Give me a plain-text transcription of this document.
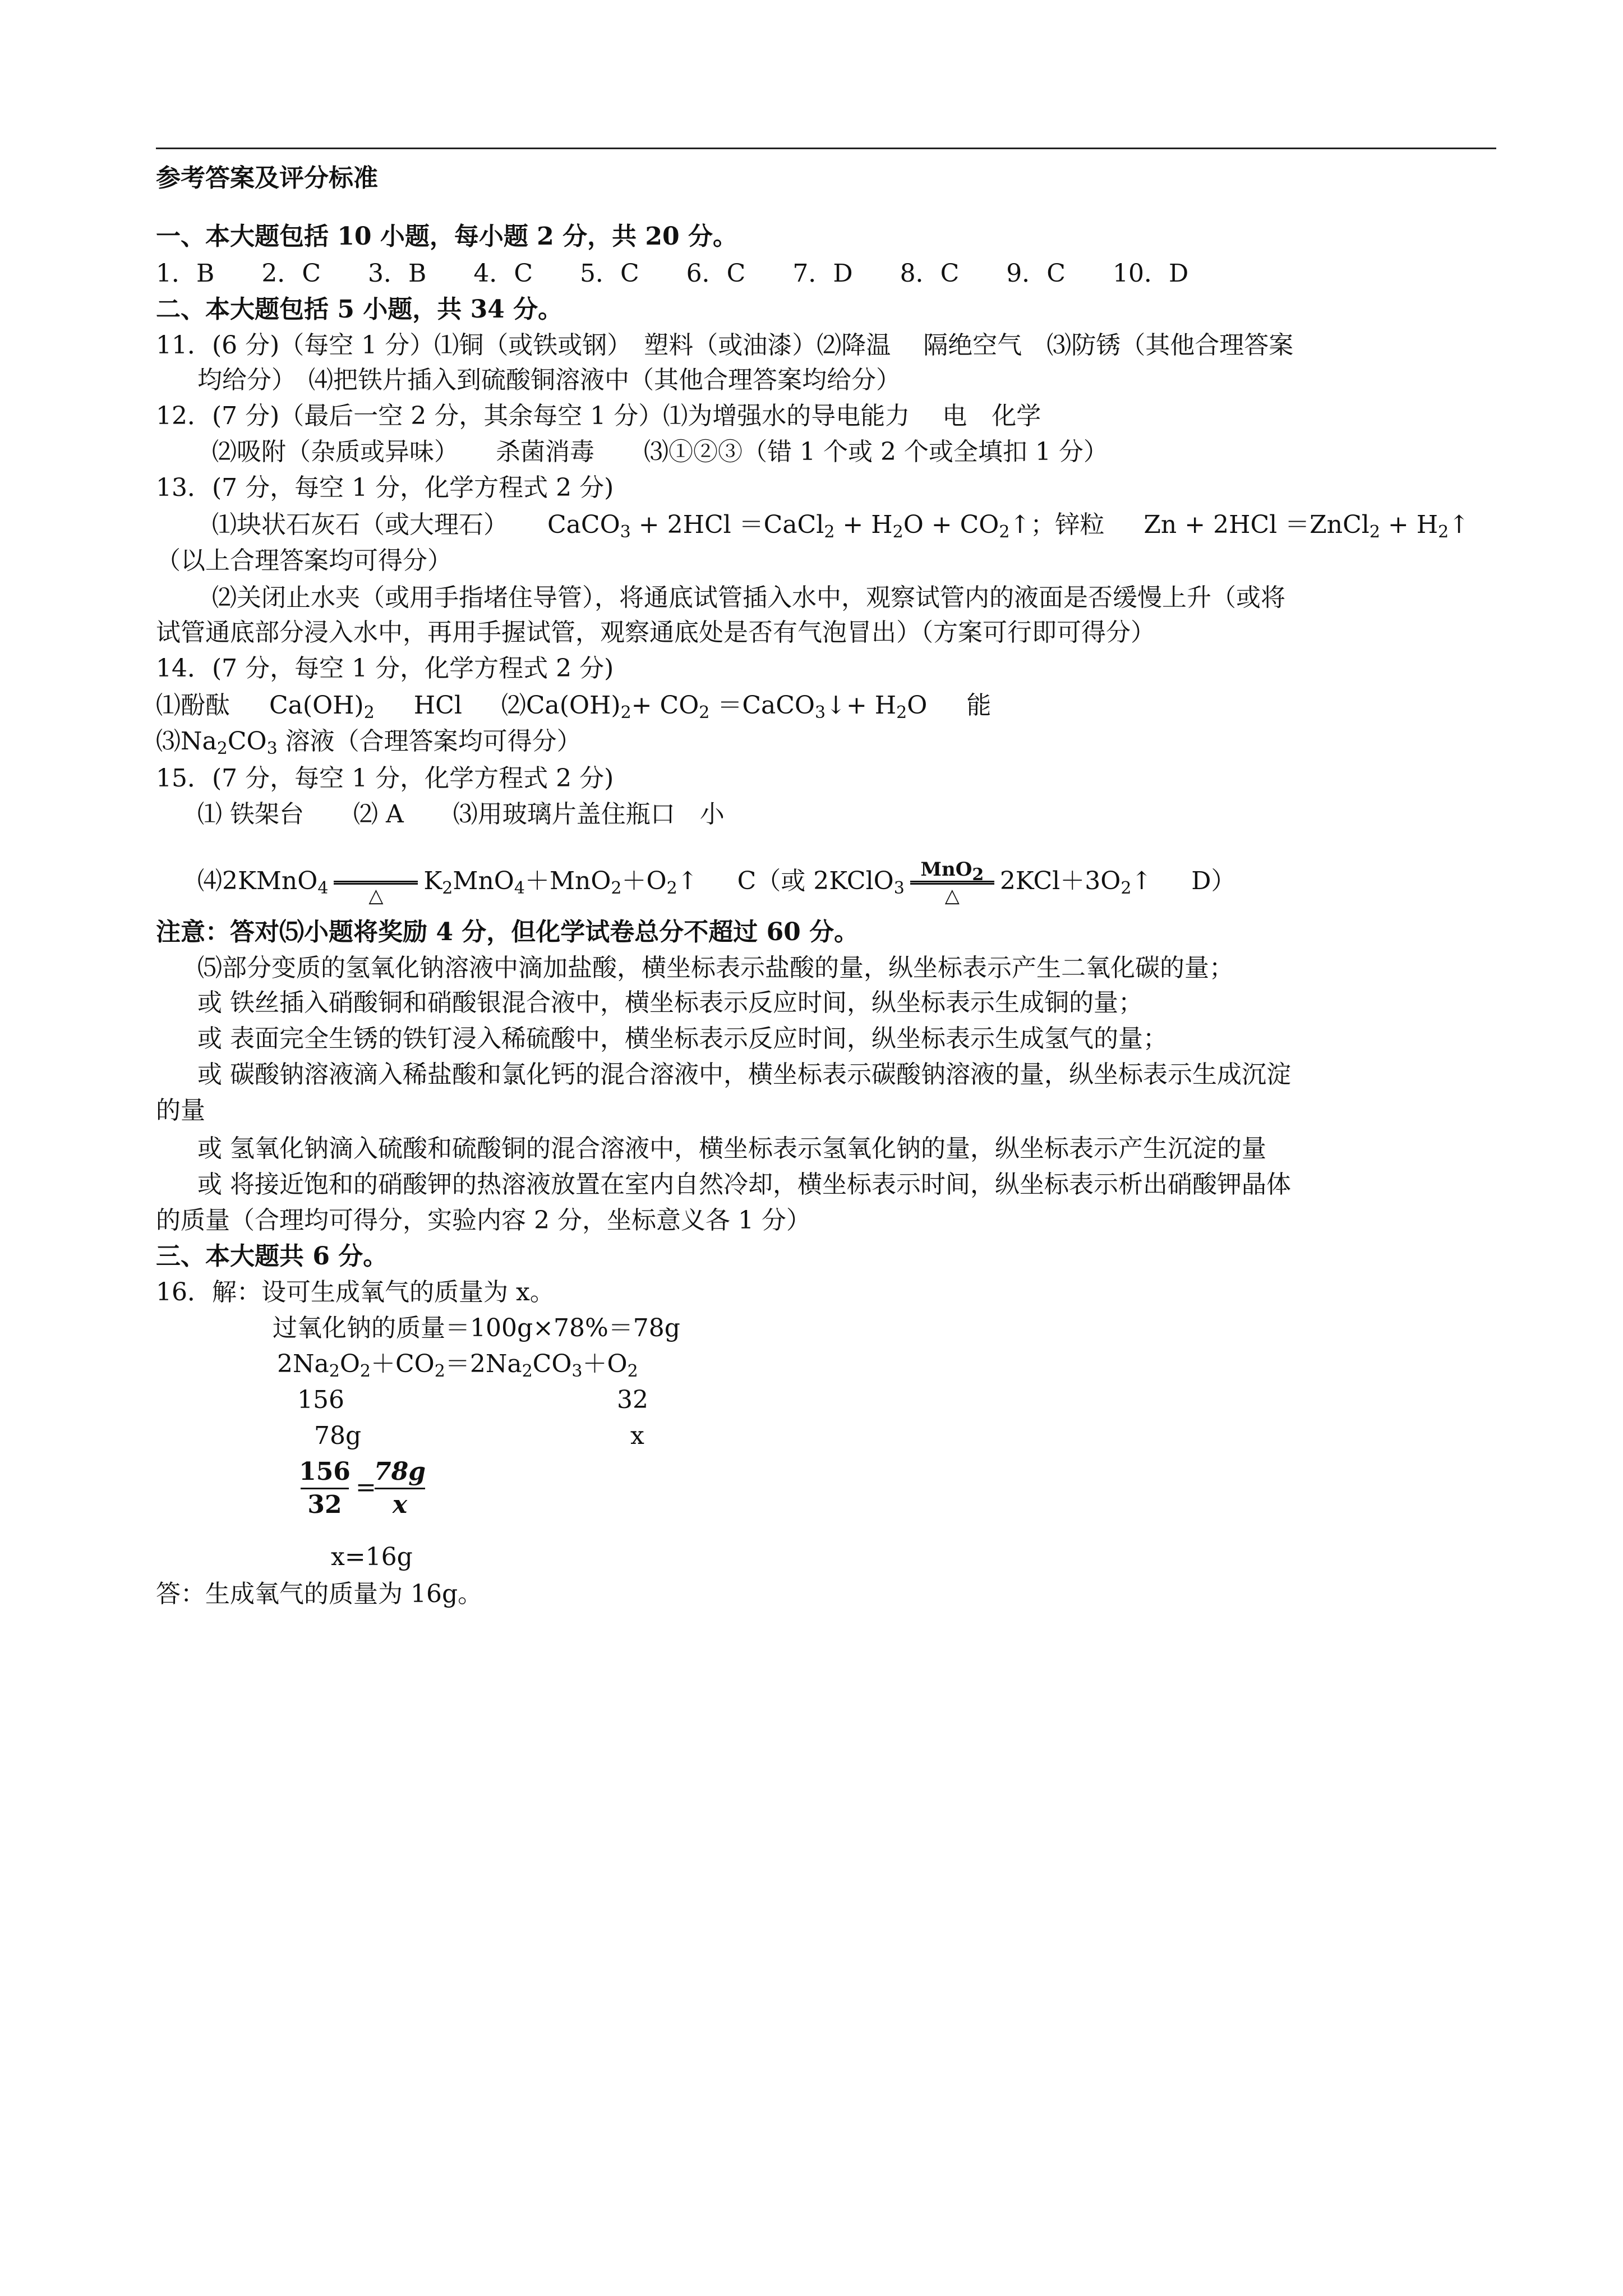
参考答案及评分标准
一、本大题包括 10 小题，每小题 2 分，共 20 分。
1．B 2．C 3．B 4．C 5．C 6．C 7．D 8．C 9．C 10．D
二、本大题包括 5 小题，共 34 分。
11．(6 分)（每空 1 分）⑴铜（或铁或钢）　塑料（或油漆）⑵降温　 隔绝空气　⑶防锈（其他合理答案
均给分）　⑷把铁片插入到硫酸铜溶液中（其他合理答案均给分）
12．(7 分)（最后一空 2 分，其余每空 1 分）⑴为增强水的导电能力　 电　化学
⑵吸附（杂质或异味）　　杀菌消毒　　⑶①②③（错 1 个或 2 个或全填扣 1 分）
13．(7 分，每空 1 分，化学方程式 2 分)
⑴块状石灰石（或大理石） CaCO$_3$ + 2HCl ＝CaCl$_2$ + $H_2O$ + $CO_2↑$；锌粒 Zn + 2HCl ＝ZnCl$_2$ + $H_2↑$
（以上合理答案均可得分）
⑵关闭止水夹（或用手指堵住导管），将通底试管插入水中，观察试管内的液面是否缓慢上升（或将
试管通底部分浸入水中，再用手握试管，观察通底处是否有气泡冒出）（方案可行即可得分）
14．(7 分，每空 1 分，化学方程式 2 分)
⑴酚酞 $Ca(OH)_2$ HCl $⑵Ca(OH)_2+ CO_2$ ＝CaCO$_3$↓+ $H_2O$ 能
$⑶Na_2CO_3$ 溶液（合理答案均可得分）
15．(7 分，每空 1 分，化学方程式 2 分)
⑴ 铁架台　　⑵ A　　⑶用玻璃片盖住瓶口　小
⑷2KMnO$_4$ △
$K_2MnO_4+MnO_2+O_2↑$ C（或 2KClO$_3$
MnO$_2$
△
$2KCl+3O_2↑$ D）
注意：答对⑸小题将奖励 4 分，但化学试卷总分不超过 60 分。
⑸部分变质的氢氧化钠溶液中滴加盐酸，横坐标表示盐酸的量，纵坐标表示产生二氧化碳的量；
或 铁丝插入硝酸铜和硝酸银混合液中，横坐标表示反应时间，纵坐标表示生成铜的量；
或 表面完全生锈的铁钉浸入稀硫酸中，横坐标表示反应时间，纵坐标表示生成氢气的量；
或 碳酸钠溶液滴入稀盐酸和氯化钙的混合溶液中，横坐标表示碳酸钠溶液的量，纵坐标表示生成沉淀
的量
或 氢氧化钠滴入硫酸和硫酸铜的混合溶液中，横坐标表示氢氧化钠的量，纵坐标表示产生沉淀的量
或 将接近饱和的硝酸钾的热溶液放置在室内自然冷却，横坐标表示时间，纵坐标表示析出硝酸钾晶体
的质量（合理均可得分，实验内容 2 分，坐标意义各 1 分）
三、本大题共 6 分。
16．解：设可生成氧气的质量为 x。
过氧化钠的质量＝100g×78%＝78g
$2Na_2O_2+CO_2=2Na_2CO_3+O_2$
156	32
78g	x
156
32
=
78g
x
x=16g
答：生成氧气的质量为 16g。
